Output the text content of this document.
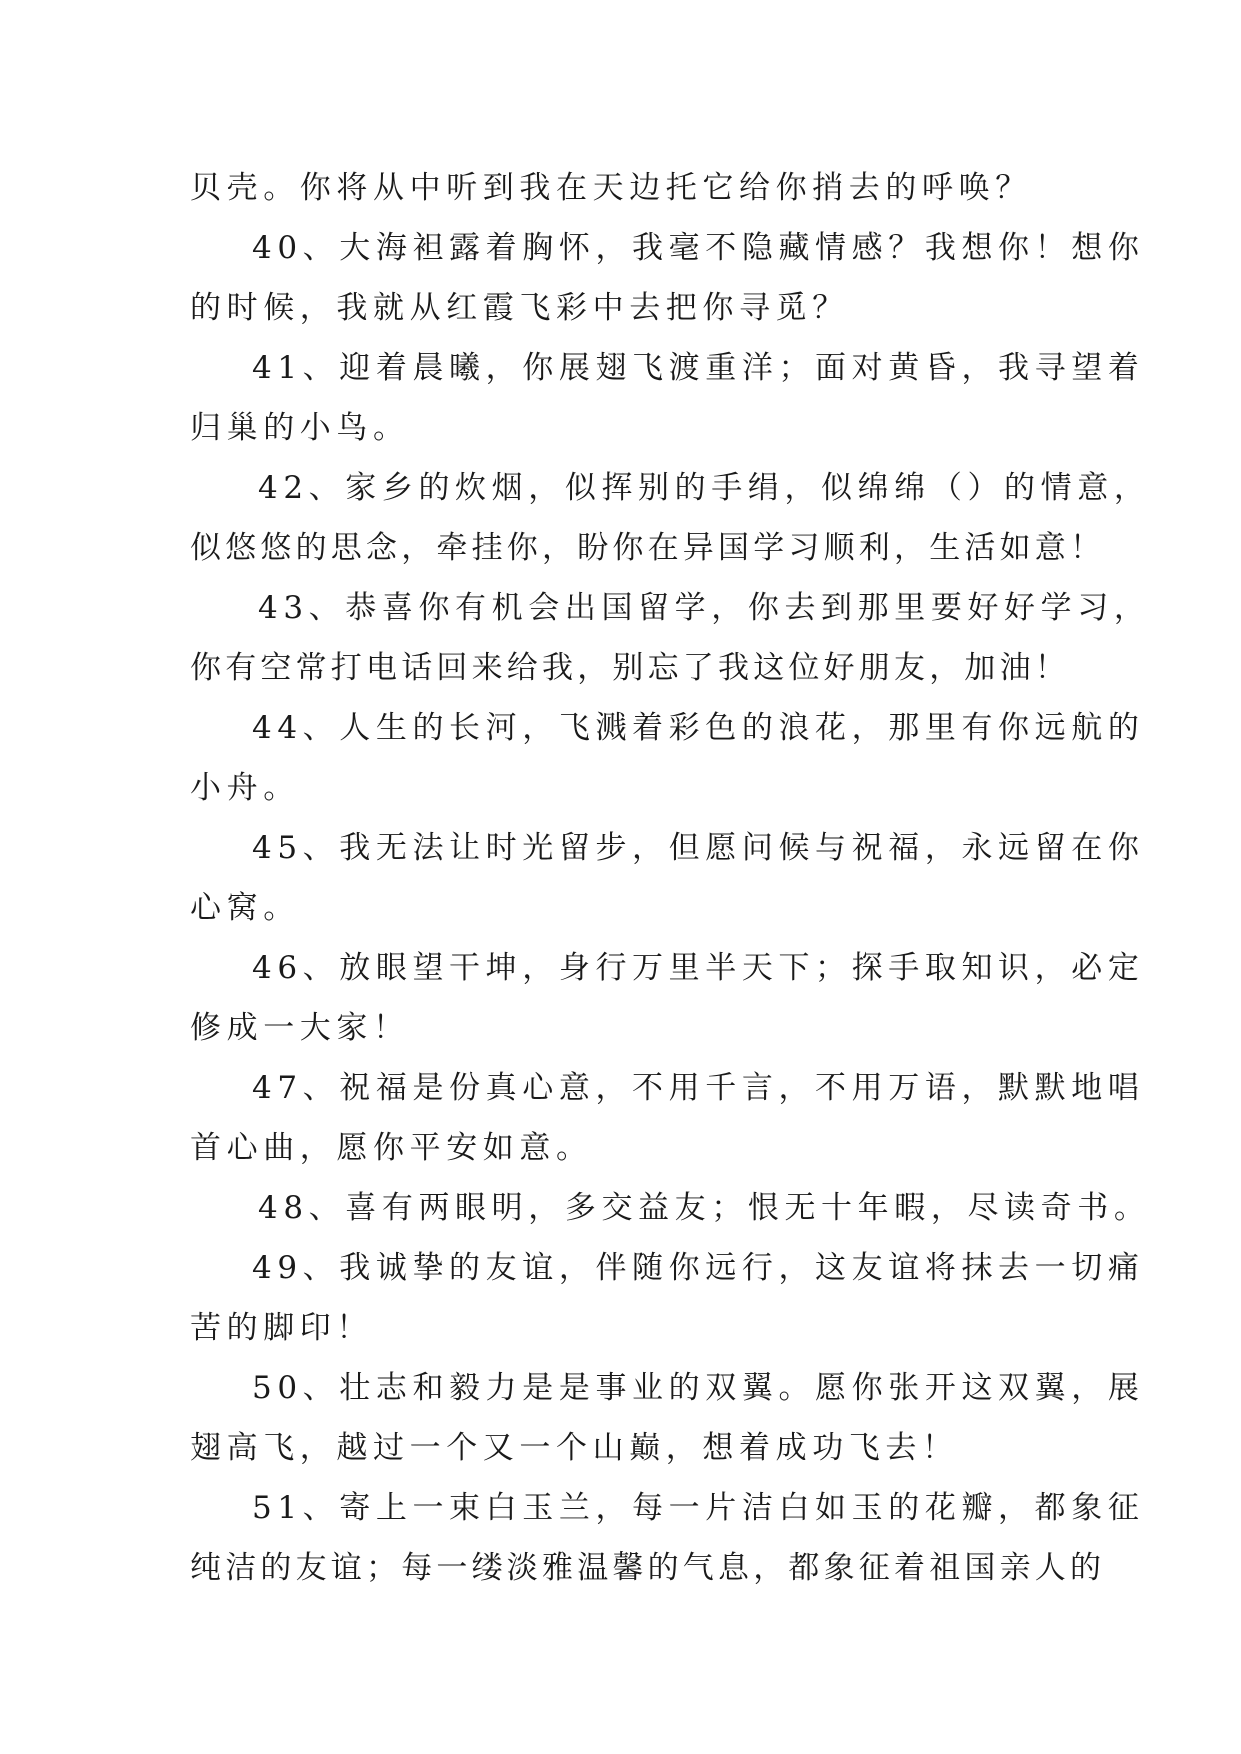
贝壳。你将从中听到我在天边托它给你捎去的呼唤？
40、大海袒露着胸怀，我毫不隐藏情感？我想你！想你
的时候，我就从红霞飞彩中去把你寻觅？
41、迎着晨曦，你展翅飞渡重洋；面对黄昏，我寻望着
归巢的小鸟。
42、家乡的炊烟，似挥别的手绢，似绵绵（）的情意，
似悠悠的思念，牵挂你，盼你在异国学习顺利，生活如意！
43、恭喜你有机会出国留学，你去到那里要好好学习，
你有空常打电话回来给我，别忘了我这位好朋友，加油！
44、人生的长河，飞溅着彩色的浪花，那里有你远航的
小舟。
45、我无法让时光留步，但愿问候与祝福，永远留在你
心窝。
46、放眼望干坤，身行万里半天下；探手取知识，必定
修成一大家！
47、祝福是份真心意，不用千言，不用万语，默默地唱
首心曲，愿你平安如意。
48、喜有两眼明，多交益友；恨无十年暇，尽读奇书。
49、我诚挚的友谊，伴随你远行，这友谊将抹去一切痛
苦的脚印！
50、壮志和毅力是是事业的双翼。愿你张开这双翼，展
翅高飞，越过一个又一个山巅，想着成功飞去！
51、寄上一束白玉兰，每一片洁白如玉的花瓣，都象征
纯洁的友谊；每一缕淡雅温馨的气息，都象征着祖国亲人的
